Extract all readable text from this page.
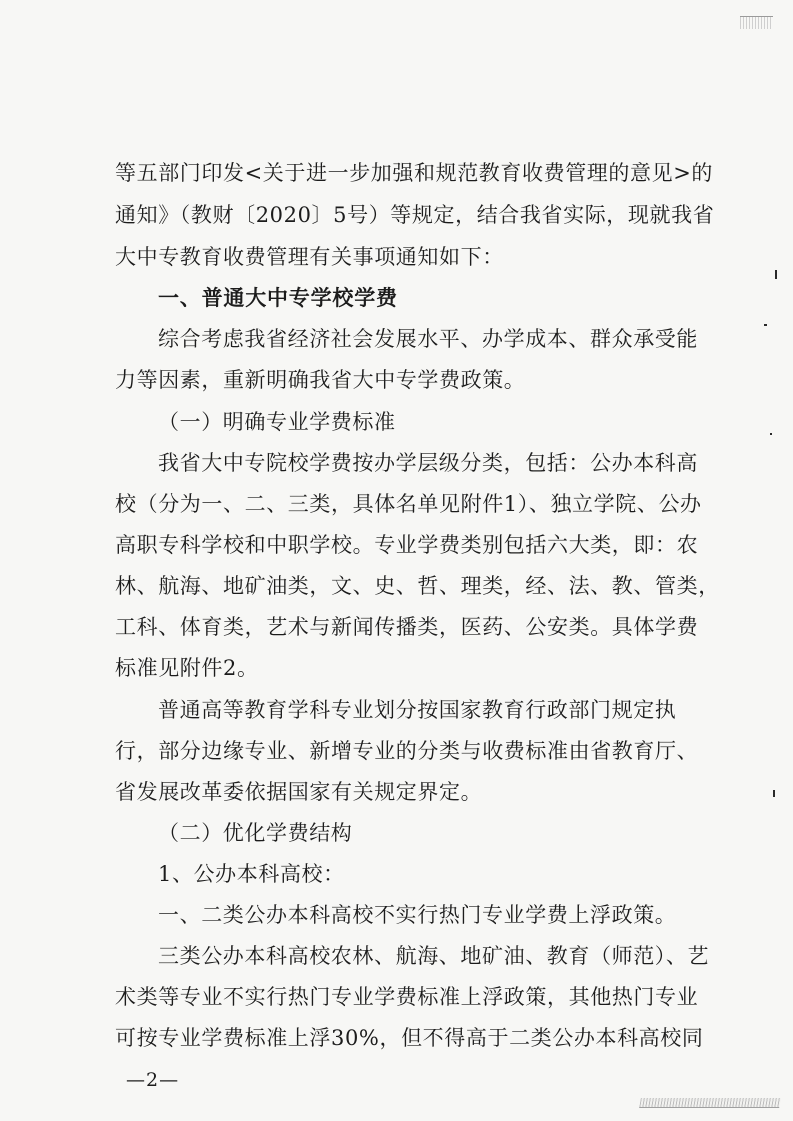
等五部门印发<关于进一步加强和规范教育收费管理的意见>的
通知》（教财〔2020〕5号）等规定，结合我省实际，现就我省
大中专教育收费管理有关事项通知如下：
一、普通大中专学校学费
综合考虑我省经济社会发展水平、办学成本、群众承受能
力等因素，重新明确我省大中专学费政策。
（一）明确专业学费标准
我省大中专院校学费按办学层级分类，包括：公办本科高
校（分为一、二、三类，具体名单见附件1）、独立学院、公办
高职专科学校和中职学校。专业学费类别包括六大类，即：农
林、航海、地矿油类，文、史、哲、理类，经、法、教、管类，
工科、体育类，艺术与新闻传播类，医药、公安类。具体学费
标准见附件2。
普通高等教育学科专业划分按国家教育行政部门规定执
行，部分边缘专业、新增专业的分类与收费标准由省教育厅、
省发展改革委依据国家有关规定界定。
（二）优化学费结构
1、公办本科高校：
一、二类公办本科高校不实行热门专业学费上浮政策。
三类公办本科高校农林、航海、地矿油、教育（师范）、艺
术类等专业不实行热门专业学费标准上浮政策，其他热门专业
可按专业学费标准上浮30%，但不得高于二类公办本科高校同
—2—
